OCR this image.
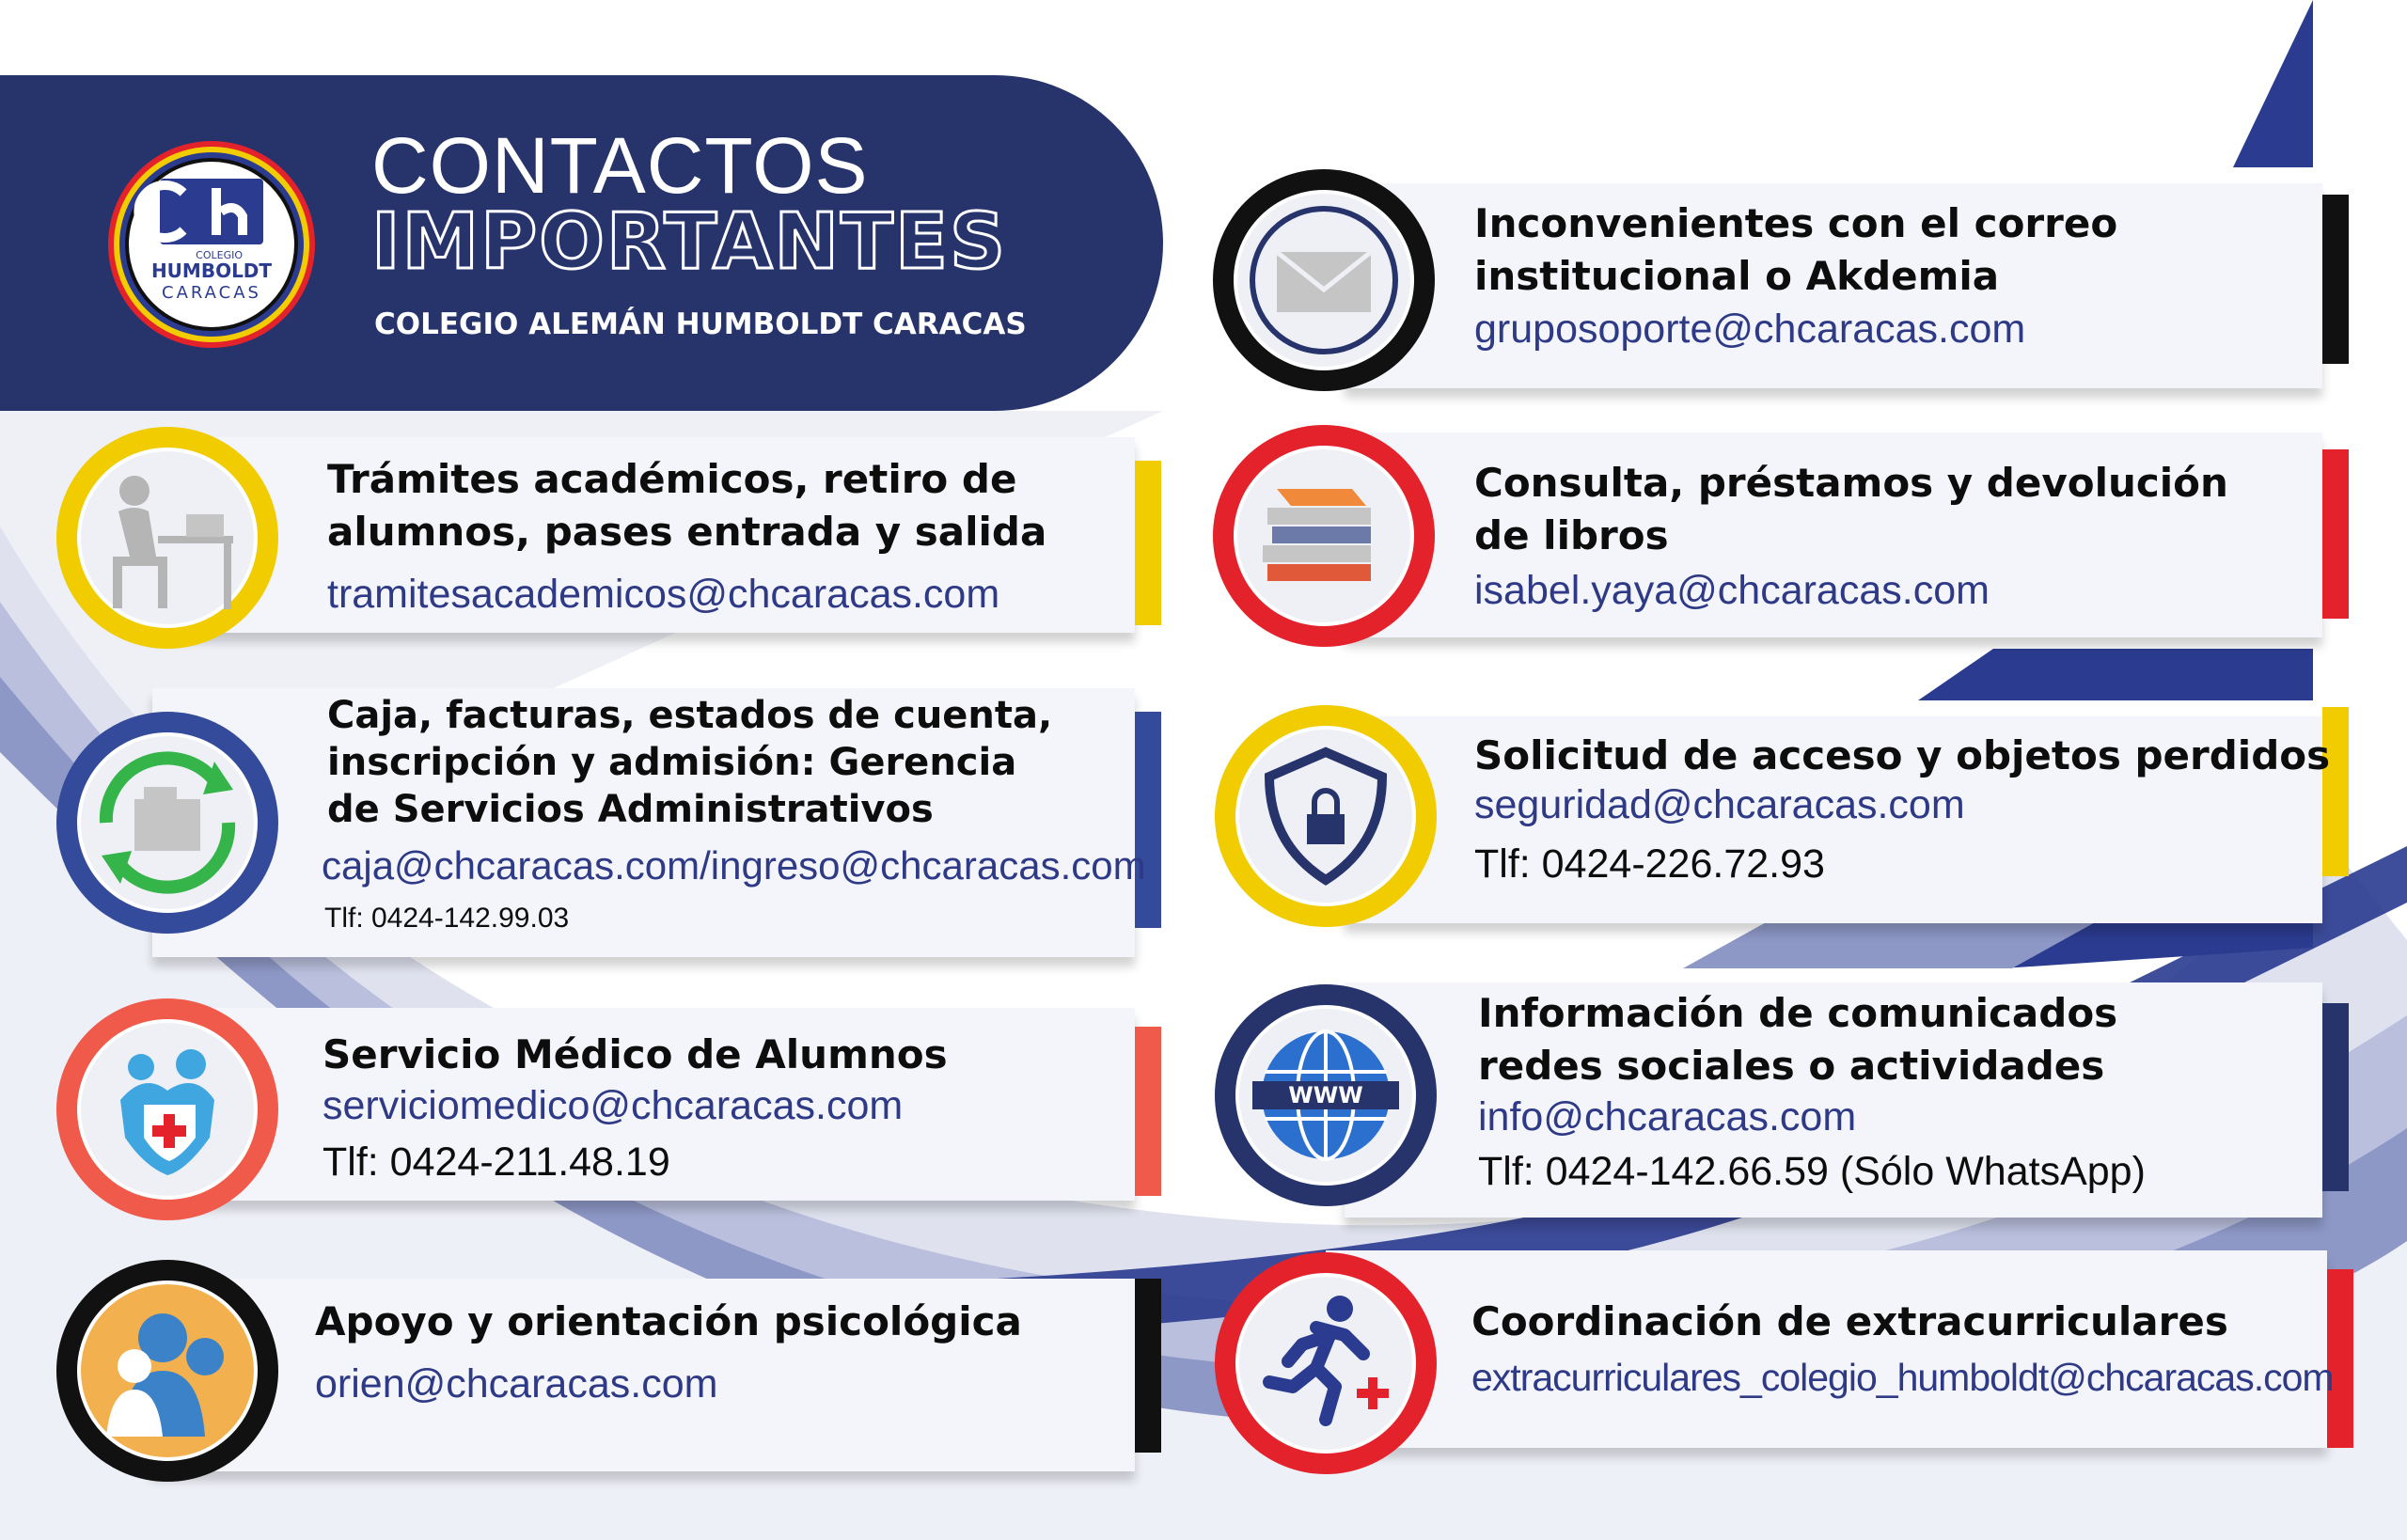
COLEGIO
HUMBOLDT
CARACAS
CONTACTOS
IMPORTANTES
COLEGIO ALEMÁN HUMBOLDT CARACAS
Trámites académicos, retiro de
alumnos, pases entrada y salida
tramitesacademicos@chcaracas.com
Caja, facturas, estados de cuenta,
inscripción y admisión: Gerencia
de Servicios Administrativos
caja@chcaracas.com/ingreso@chcaracas.com
Tlf: 0424-142.99.03
Servicio Médico de Alumnos
serviciomedico@chcaracas.com
Tlf: 0424-211.48.19
Apoyo y orientación psicológica
orien@chcaracas.com
Inconvenientes con el correo
institucional o Akdemia
gruposoporte@chcaracas.com
Consulta, préstamos y devolución
de libros
isabel.yaya@chcaracas.com
Solicitud de acceso y objetos perdidos
seguridad@chcaracas.com
Tlf: 0424-226.72.93
WWW
Información de comunicados
redes sociales o actividades
info@chcaracas.com
Tlf: 0424-142.66.59 (Sólo WhatsApp)
Coordinación de extracurriculares
extracurriculares_colegio_humboldt@chcaracas.com
